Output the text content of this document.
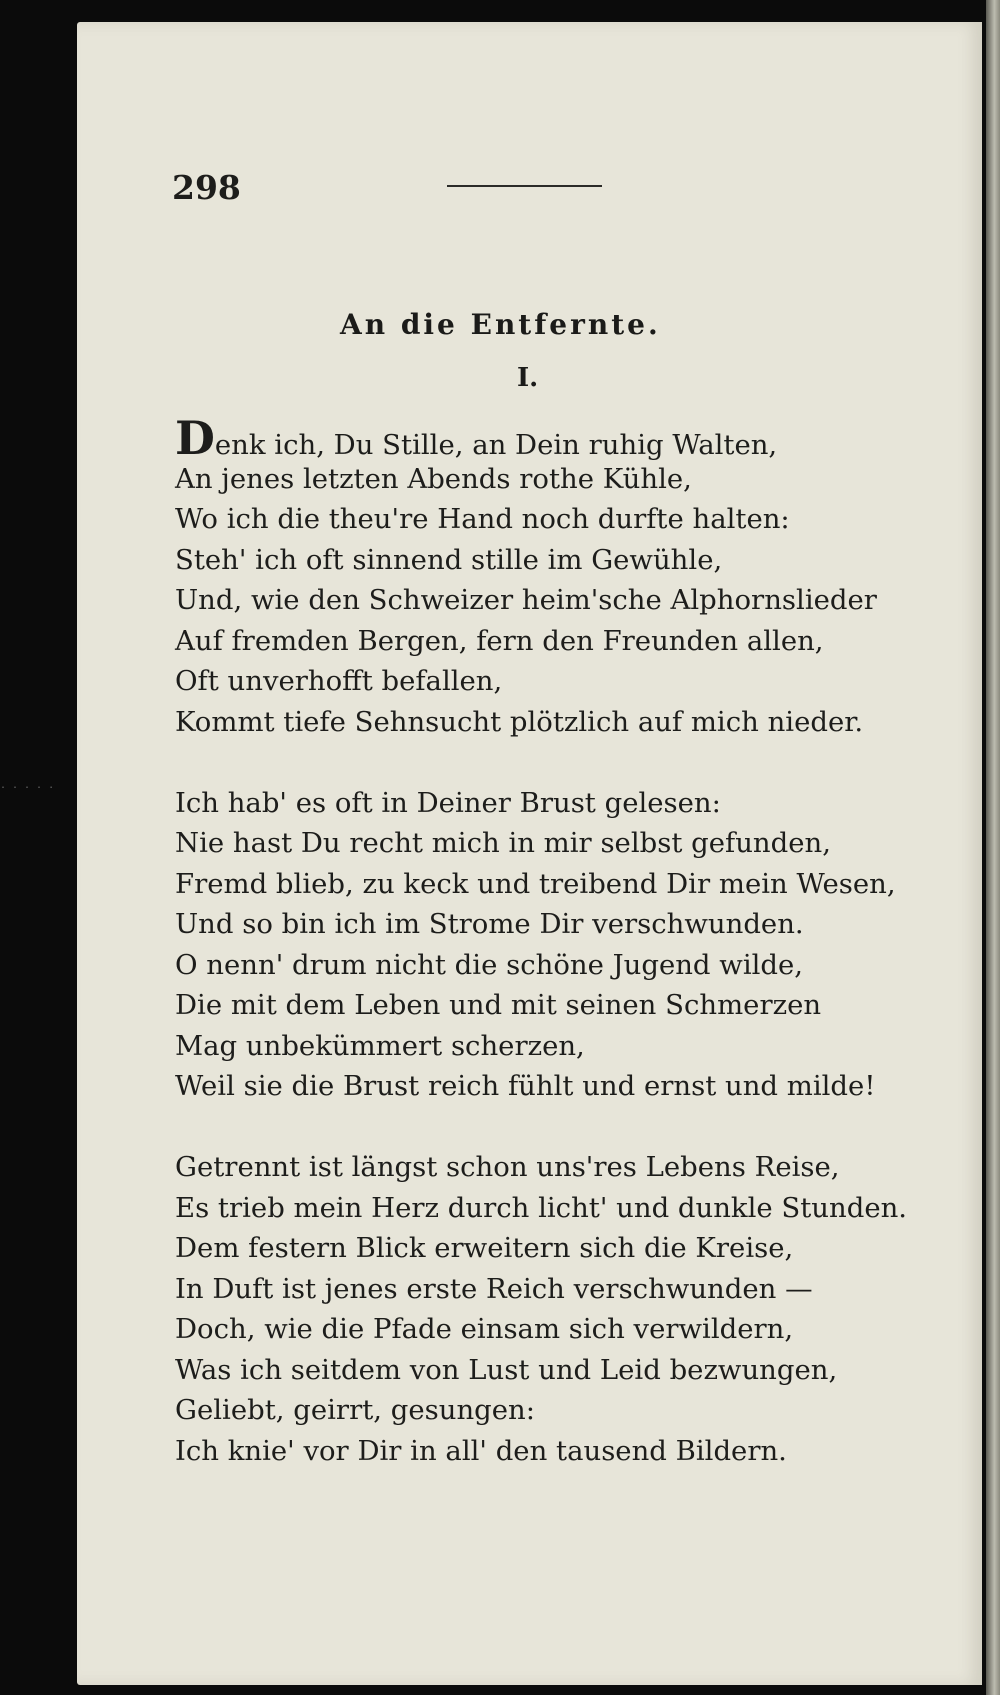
.....
298
An die Entfernte.
I.
Denk ich, Du Stille, an Dein ruhig Walten,
An jenes letzten Abends rothe Kühle,
Wo ich die theu're Hand noch durfte halten:
Steh' ich oft sinnend stille im Gewühle,
Und, wie den Schweizer heim'sche Alphornslieder
Auf fremden Bergen, fern den Freunden allen,
Oft unverhofft befallen,
Kommt tiefe Sehnsucht plötzlich auf mich nieder.
Ich hab' es oft in Deiner Brust gelesen:
Nie hast Du recht mich in mir selbst gefunden,
Fremd blieb, zu keck und treibend Dir mein Wesen,
Und so bin ich im Strome Dir verschwunden.
O nenn' drum nicht die schöne Jugend wilde,
Die mit dem Leben und mit seinen Schmerzen
Mag unbekümmert scherzen,
Weil sie die Brust reich fühlt und ernst und milde!
Getrennt ist längst schon uns'res Lebens Reise,
Es trieb mein Herz durch licht' und dunkle Stunden.
Dem festern Blick erweitern sich die Kreise,
In Duft ist jenes erste Reich verschwunden —
Doch, wie die Pfade einsam sich verwildern,
Was ich seitdem von Lust und Leid bezwungen,
Geliebt, geirrt, gesungen:
Ich knie' vor Dir in all' den tausend Bildern.
